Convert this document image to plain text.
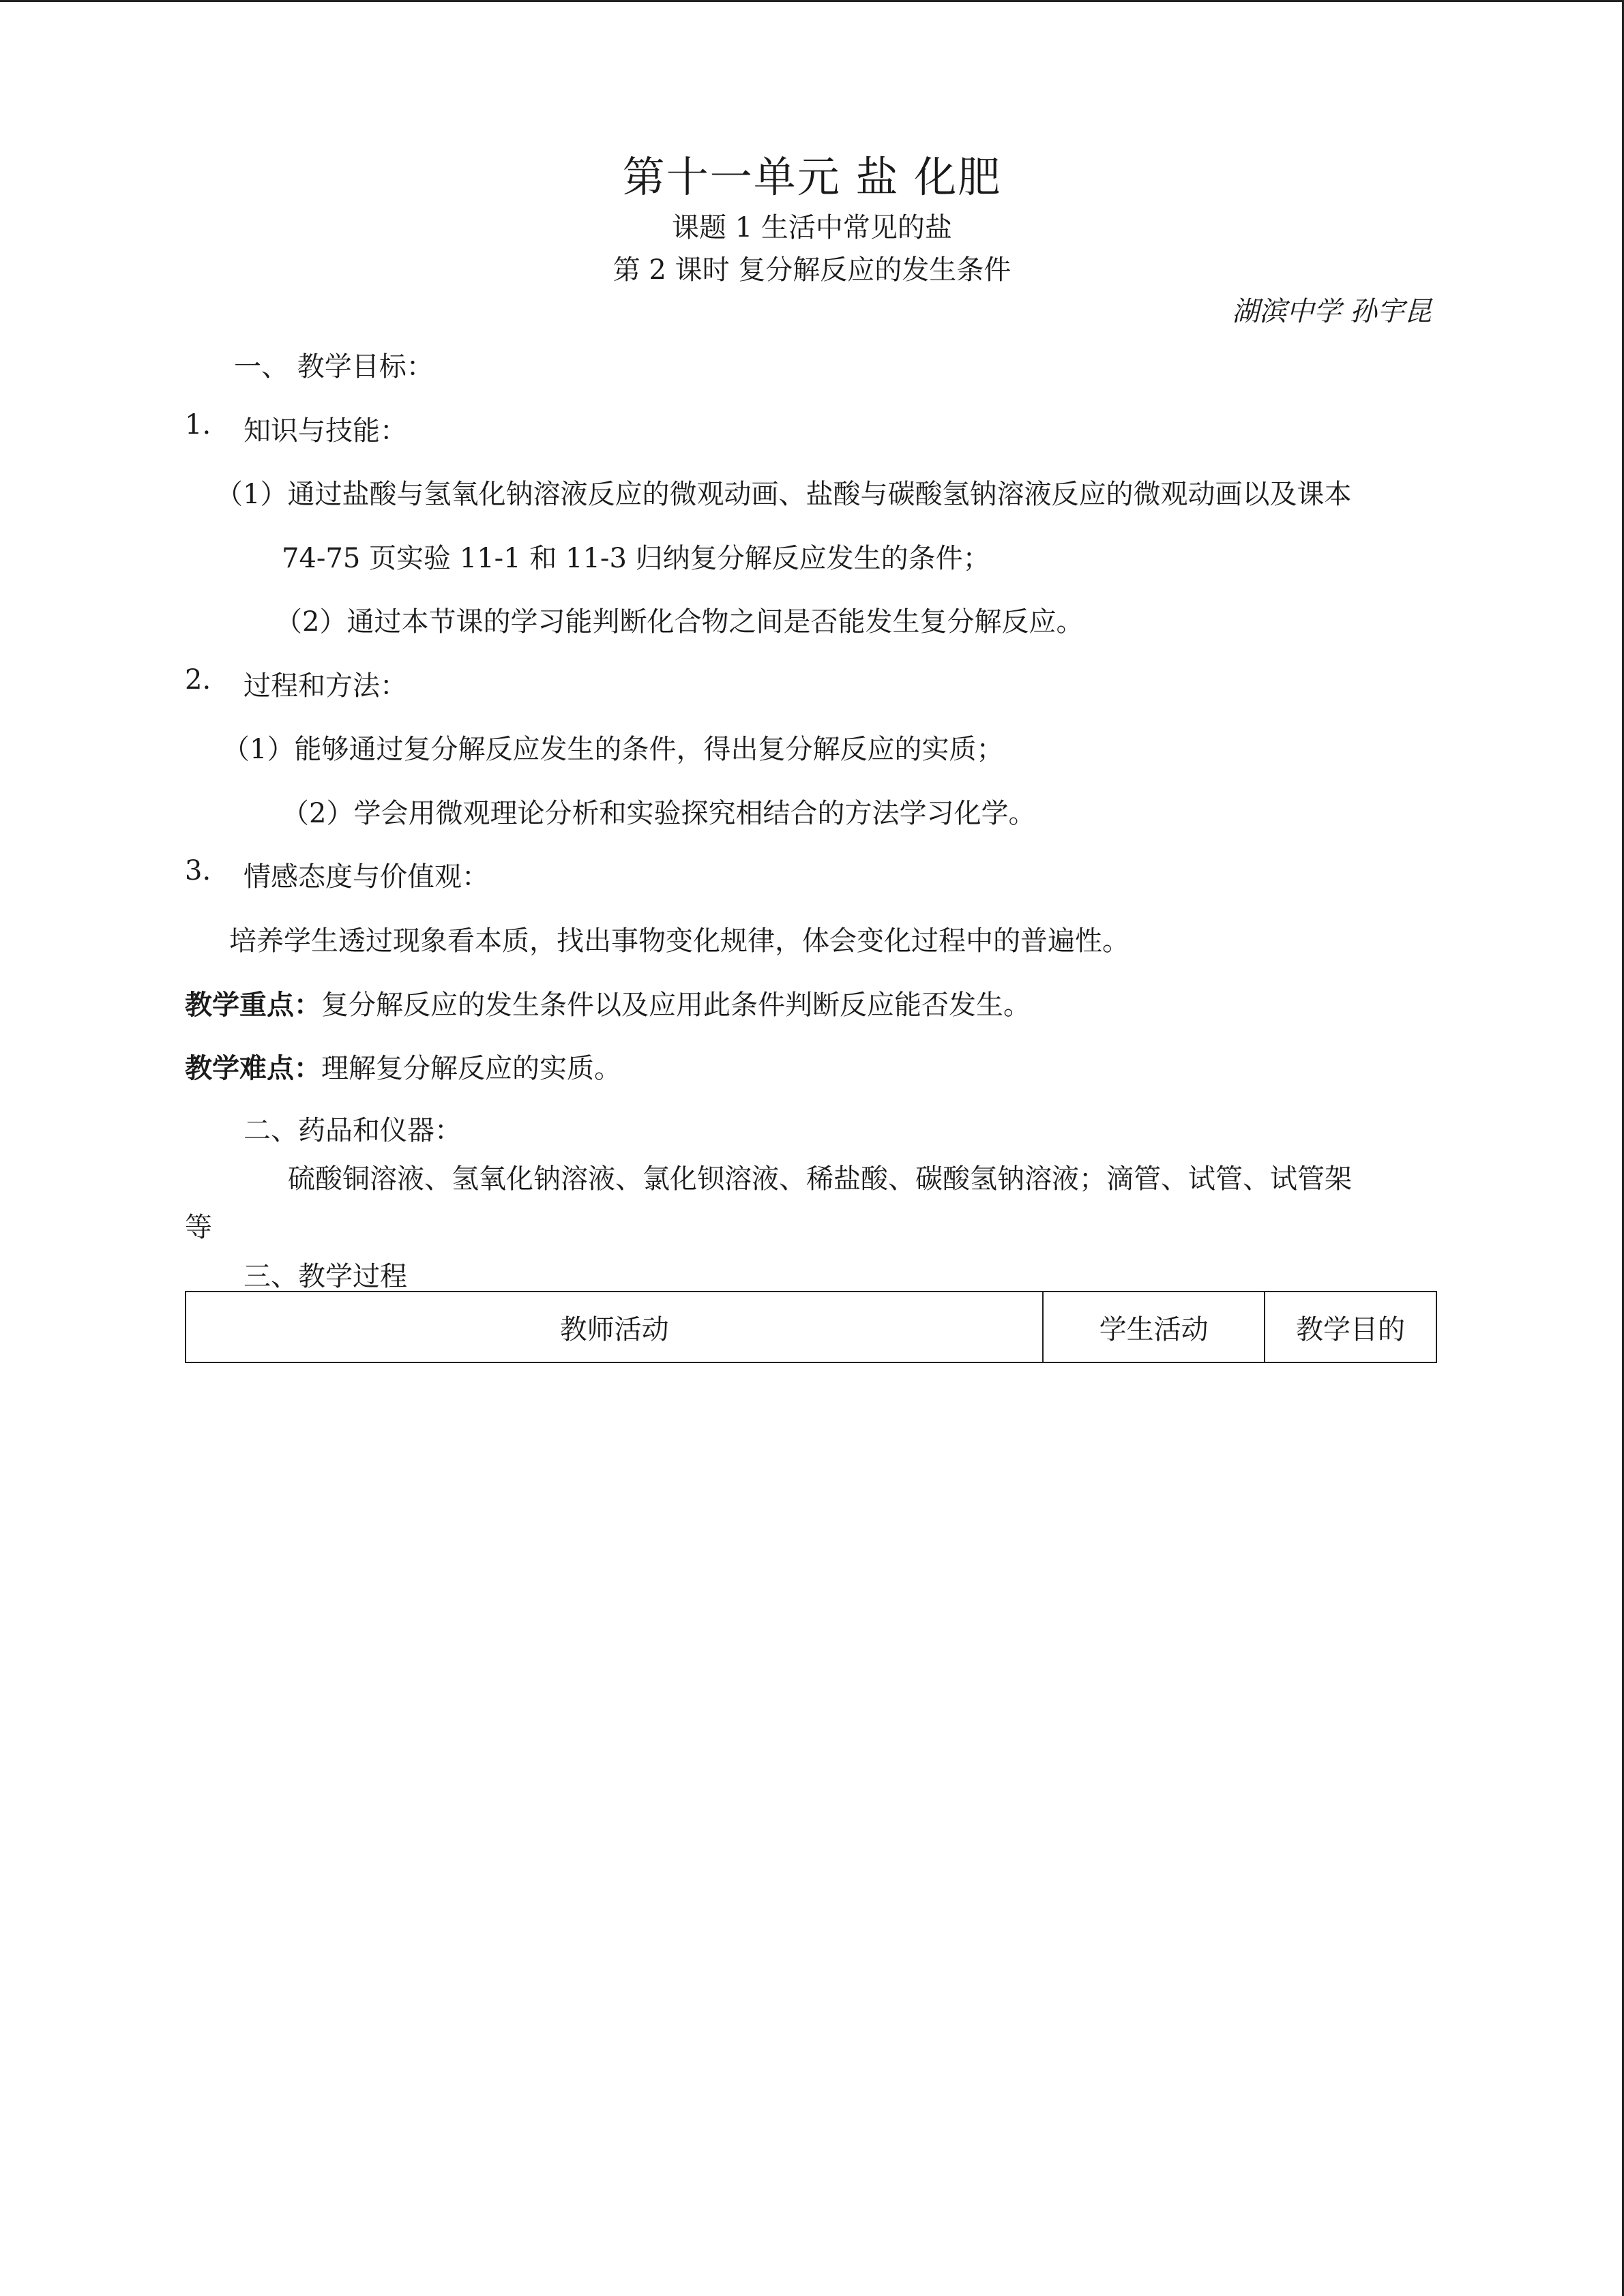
第十一单元 盐 化肥
课题 1 生活中常见的盐
第 2 课时 复分解反应的发生条件
湖滨中学 孙宇昆
一、 教学目标：
1. 知识与技能：
（1）通过盐酸与氢氧化钠溶液反应的微观动画、盐酸与碳酸氢钠溶液反应的微观动画以及课本
74-75 页实验 11-1 和 11-3 归纳复分解反应发生的条件；
（2）通过本节课的学习能判断化合物之间是否能发生复分解反应。
2. 过程和方法：
（1）能够通过复分解反应发生的条件，得出复分解反应的实质；
（2）学会用微观理论分析和实验探究相结合的方法学习化学。
3. 情感态度与价值观：
培养学生透过现象看本质，找出事物变化规律，体会变化过程中的普遍性。
教学重点：复分解反应的发生条件以及应用此条件判断反应能否发生。
教学难点：理解复分解反应的实质。
二、药品和仪器：
硫酸铜溶液、氢氧化钠溶液、氯化钡溶液、稀盐酸、碳酸氢钠溶液；滴管、试管、试管架
等
三、教学过程
教师活动	学生活动	教学目的
